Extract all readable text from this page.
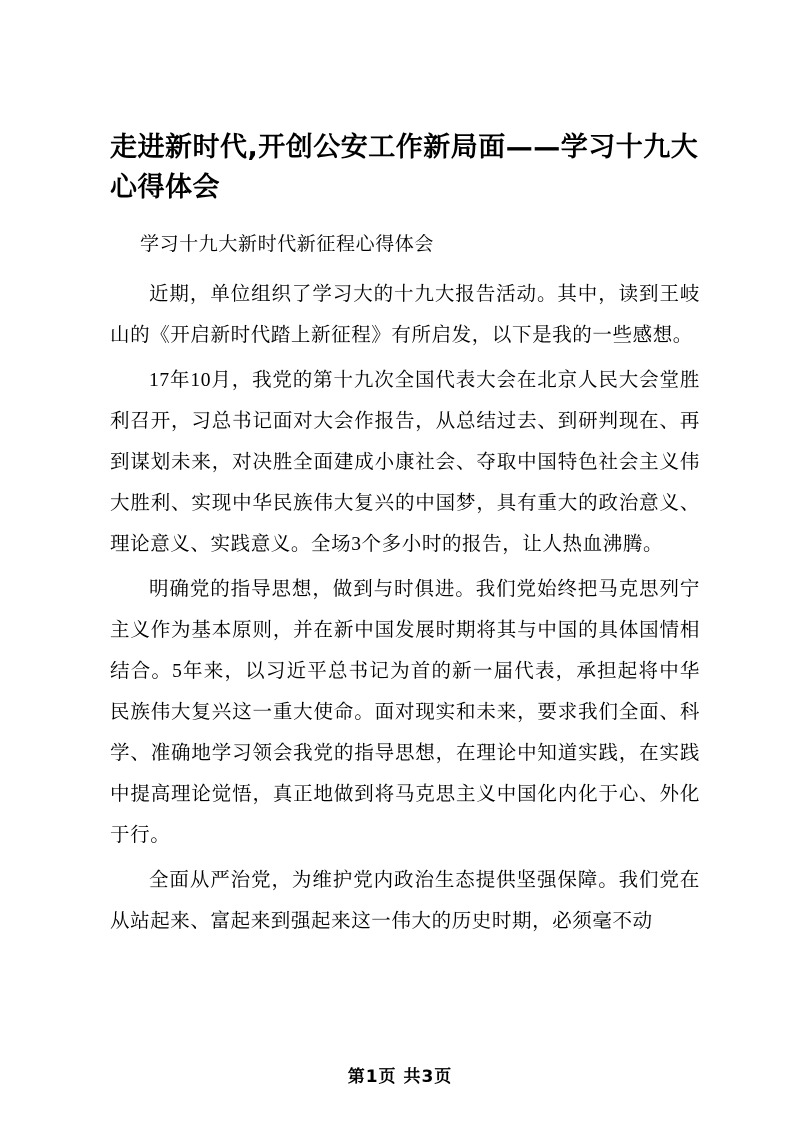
走进新时代,开创公安工作新局面——学习十九大心得体会
学习十九大新时代新征程心得体会

近期，单位组织了学习大的十九大报告活动。其中，读到王岐山的《开启新时代踏上新征程》有所启发，以下是我的一些感想。

17年10月，我党的第十九次全国代表大会在北京人民大会堂胜利召开，习总书记面对大会作报告，从总结过去、到研判现在、再到谋划未来，对决胜全面建成小康社会、夺取中国特色社会主义伟大胜利、实现中华民族伟大复兴的中国梦，具有重大的政治意义、理论意义、实践意义。全场3个多小时的报告，让人热血沸腾。

明确党的指导思想，做到与时俱进。我们党始终把马克思列宁主义作为基本原则，并在新中国发展时期将其与中国的具体国情相结合。5年来，以习近平总书记为首的新一届代表，承担起将中华民族伟大复兴这一重大使命。面对现实和未来，要求我们全面、科学、准确地学习领会我党的指导思想，在理论中知道实践，在实践中提高理论觉悟，真正地做到将马克思主义中国化内化于心、外化于行。

全面从严治党，为维护党内政治生态提供坚强保障。我们党在从站起来、富起来到强起来这一伟大的历史时期，必须毫不动

第1页 共3页
